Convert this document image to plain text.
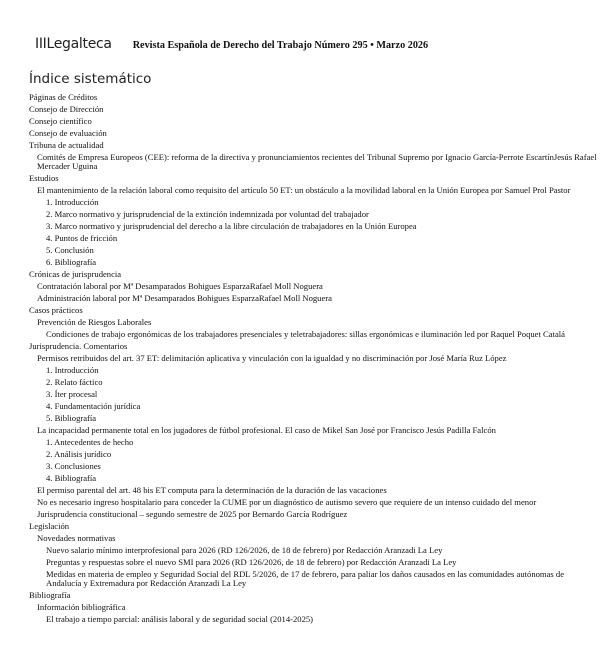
IIILegalteca Revista Española de Derecho del Trabajo Número 295 • Marzo 2026
Índice sistemático
Páginas de Créditos
Consejo de Dirección
Consejo científico
Consejo de evaluación
Tribuna de actualidad
Comités de Empresa Europeos (CEE): reforma de la directiva y pronunciamientos recientes del Tribunal Supremo por Ignacio García-Perrote EscartínJesús Rafael Mercader Uguina
Estudios
El mantenimiento de la relación laboral como requisito del artículo 50 ET: un obstáculo a la movilidad laboral en la Unión Europea por Samuel Prol Pastor
1. Introducción
2. Marco normativo y jurisprudencial de la extinción indemnizada por voluntad del trabajador
3. Marco normativo y jurisprudencial del derecho a la libre circulación de trabajadores en la Unión Europea
4. Puntos de fricción
5. Conclusión
6. Bibliografía
Crónicas de jurisprudencia
Contratación laboral por Mª Desamparados Bohigues EsparzaRafael Moll Noguera
Administración laboral por Mª Desamparados Bohigues EsparzaRafael Moll Noguera
Casos prácticos
Prevención de Riesgos Laborales
Condiciones de trabajo ergonómicas de los trabajadores presenciales y teletrabajadores: sillas ergonómicas e iluminación led por Raquel Poquet Catalá
Jurisprudencia. Comentarios
Permisos retribuidos del art. 37 ET: delimitación aplicativa y vinculación con la igualdad y no discriminación por José María Ruz López
1. Introducción
2. Relato fáctico
3. Íter procesal
4. Fundamentación jurídica
5. Bibliografía
La incapacidad permanente total en los jugadores de fútbol profesional. El caso de Mikel San José por Francisco Jesús Padilla Falcón
1. Antecedentes de hecho
2. Análisis jurídico
3. Conclusiones
4. Bibliografía
El permiso parental del art. 48 bis ET computa para la determinación de la duración de las vacaciones
No es necesario ingreso hospitalario para conceder la CUME por un diagnóstico de autismo severo que requiere de un intenso cuidado del menor
Jurisprudencia constitucional – segundo semestre de 2025 por Bernardo García Rodríguez
Legislación
Novedades normativas
Nuevo salario mínimo interprofesional para 2026 (RD 126/2026, de 18 de febrero) por Redacción Aranzadi La Ley
Preguntas y respuestas sobre el nuevo SMI para 2026 (RD 126/2026, de 18 de febrero) por Redacción Aranzadi La Ley
Medidas en materia de empleo y Seguridad Social del RDL 5/2026, de 17 de febrero, para paliar los daños causados en las comunidades autónomas de Andalucía y Extremadura por Redacción Aranzadi La Ley
Bibliografía
Información bibliográfica
El trabajo a tiempo parcial: análisis laboral y de seguridad social (2014-2025)
